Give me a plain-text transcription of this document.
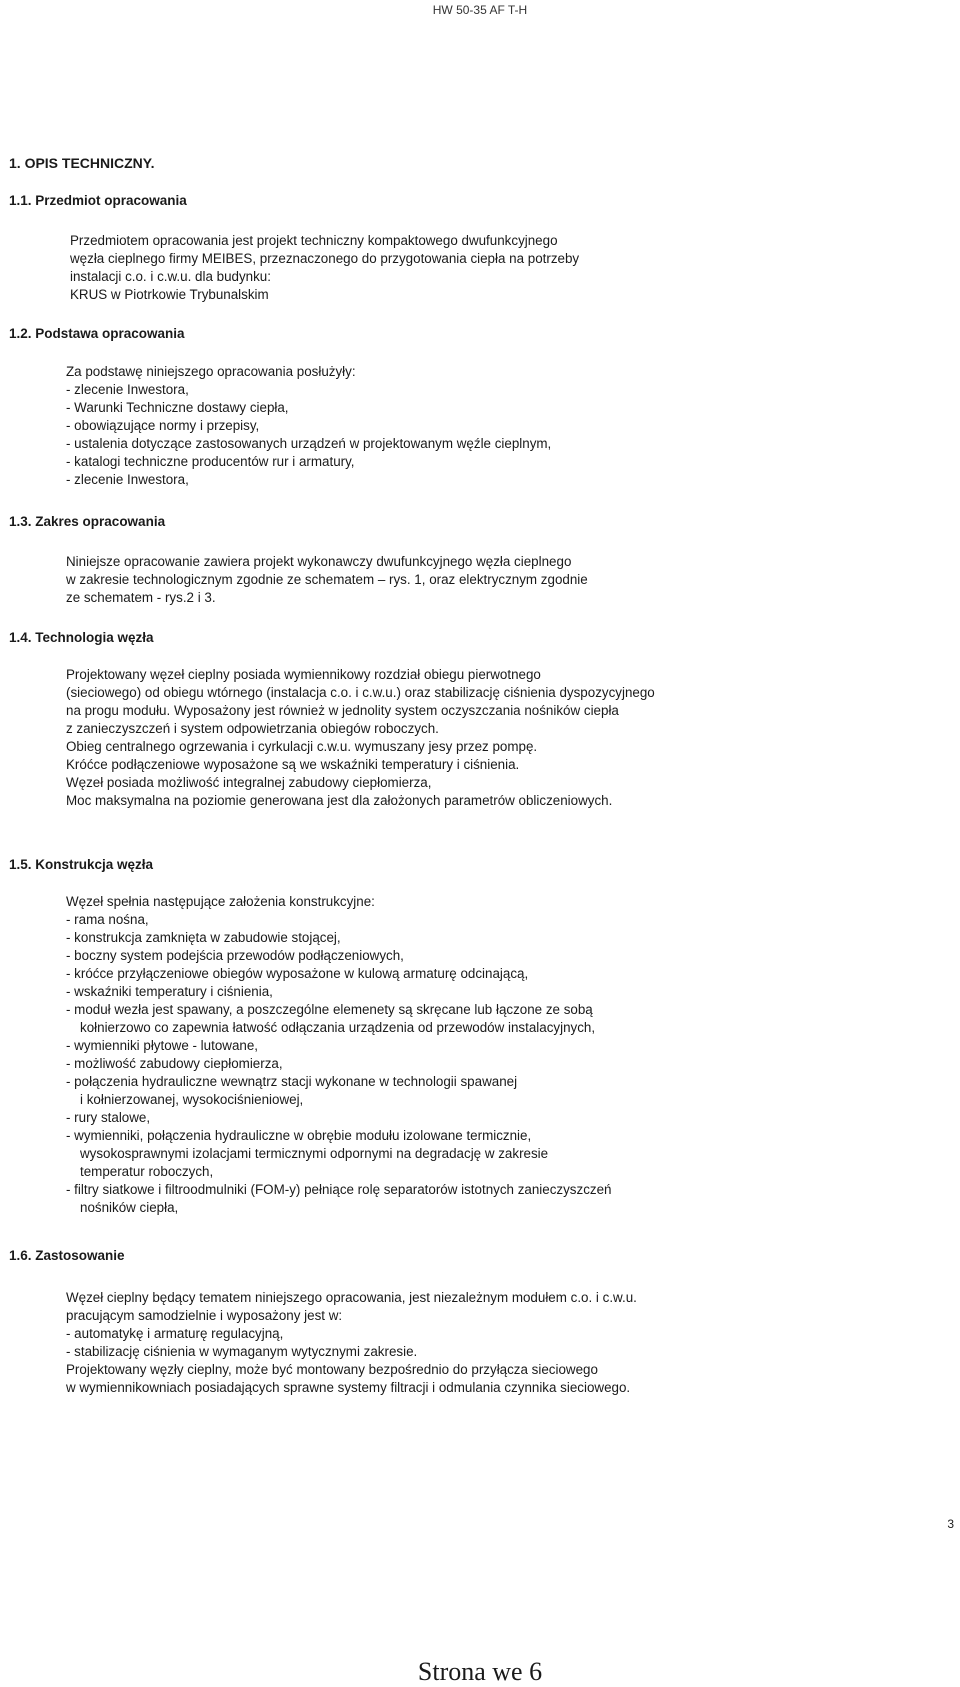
HW 50-35 AF T-H
1. OPIS TECHNICZNY.
1.1. Przedmiot opracowania
Przedmiotem opracowania jest projekt techniczny kompaktowego dwufunkcyjnego
węzła cieplnego firmy MEIBES, przeznaczonego do przygotowania ciepła na potrzeby
instalacji c.o. i c.w.u. dla budynku:
KRUS w Piotrkowie Trybunalskim
1.2. Podstawa opracowania
Za podstawę niniejszego opracowania posłużyły:
- zlecenie Inwestora,
- Warunki Techniczne dostawy ciepła,
- obowiązujące normy i przepisy,
- ustalenia dotyczące zastosowanych urządzeń w projektowanym węźle cieplnym,
- katalogi techniczne producentów rur i armatury,
- zlecenie Inwestora,
1.3. Zakres opracowania
Niniejsze opracowanie zawiera projekt wykonawczy dwufunkcyjnego węzła cieplnego
w zakresie technologicznym zgodnie ze schematem – rys. 1, oraz elektrycznym zgodnie
ze schematem - rys.2 i 3.
1.4. Technologia węzła
Projektowany węzeł cieplny posiada wymiennikowy rozdział obiegu pierwotnego
(sieciowego) od obiegu wtórnego (instalacja c.o. i c.w.u.) oraz stabilizację ciśnienia dyspozycyjnego
na progu modułu. Wyposażony jest również w jednolity system oczyszczania nośników ciepła
z zanieczyszczeń i system odpowietrzania obiegów roboczych.
Obieg centralnego ogrzewania i cyrkulacji c.w.u. wymuszany jesy przez pompę.
Króćce podłączeniowe wyposażone są we wskaźniki temperatury i ciśnienia.
Węzeł posiada możliwość integralnej zabudowy ciepłomierza,
Moc maksymalna na poziomie generowana jest dla założonych parametrów obliczeniowych.
1.5. Konstrukcja węzła
Węzeł spełnia następujące założenia konstrukcyjne:
- rama nośna,
- konstrukcja zamknięta w zabudowie stojącej,
- boczny system podejścia przewodów podłączeniowych,
- króćce przyłączeniowe obiegów wyposażone w kulową armaturę odcinającą,
- wskaźniki temperatury i ciśnienia,
- moduł wezła jest spawany, a poszczególne elemenety są skręcane lub łączone ze sobą
kołnierzowo co zapewnia łatwość odłączania urządzenia od przewodów instalacyjnych,
- wymienniki płytowe - lutowane,
- możliwość zabudowy ciepłomierza,
- połączenia hydrauliczne wewnątrz stacji wykonane w technologii spawanej
i kołnierzowanej, wysokociśnieniowej,
- rury stalowe,
- wymienniki, połączenia hydrauliczne w obrębie modułu izolowane termicznie,
wysokosprawnymi izolacjami termicznymi odpornymi na degradację w zakresie
temperatur roboczych,
- filtry siatkowe i filtroodmulniki (FOM-y) pełniące rolę separatorów istotnych zanieczyszczeń
nośników ciepła,
1.6. Zastosowanie
Węzeł cieplny będący tematem niniejszego opracowania, jest niezależnym modułem c.o. i c.w.u.
pracującym samodzielnie i wyposażony jest w:
- automatykę i armaturę regulacyjną,
- stabilizację ciśnienia w wymaganym wytycznymi zakresie.
Projektowany węzły cieplny, może być montowany bezpośrednio do przyłącza sieciowego
w wymiennikowniach posiadających sprawne systemy filtracji i odmulania czynnika sieciowego.
3
Strona we 6
